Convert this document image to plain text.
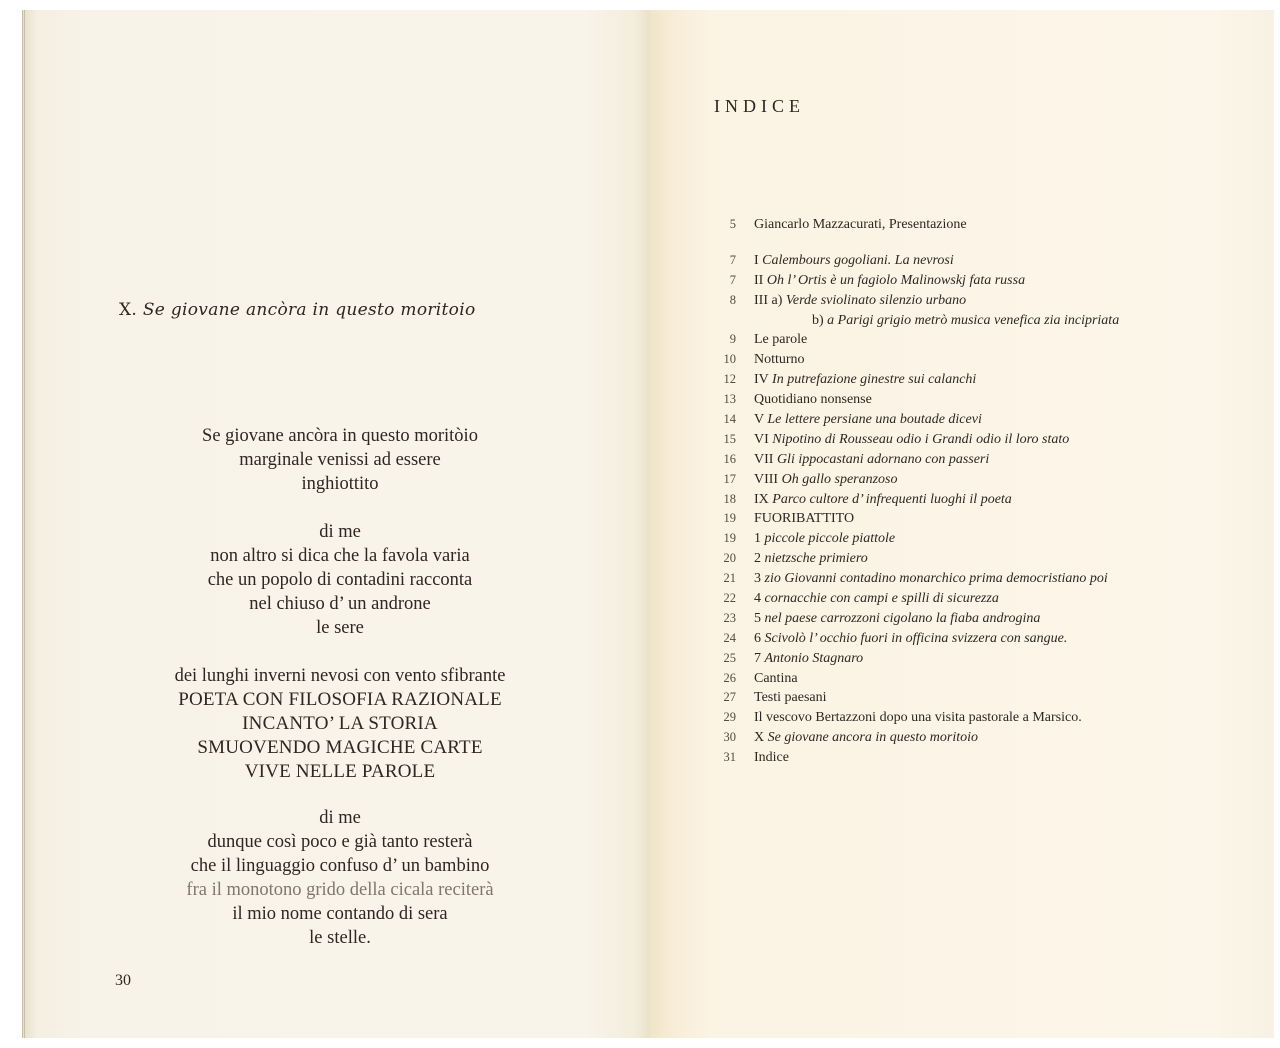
X. Se giovane ancòra in questo moritoio
Se giovane ancòra in questo moritòio
marginale venissi ad essere
inghiottito
di me
non altro si dica che la favola varia
che un popolo di contadini racconta
nel chiuso d’ un androne
le sere
dei lunghi inverni nevosi con vento sfibrante
POETA CON FILOSOFIA RAZIONALE
INCANTO’ LA STORIA
SMUOVENDO MAGICHE CARTE
VIVE NELLE PAROLE
di me
dunque così poco e già tanto resterà
che il linguaggio confuso d’ un bambino
fra il monotono grido della cicala reciterà
il mio nome contando di sera
le stelle.
30
INDICE
5 Giancarlo Mazzacurati, Presentazione
7 I Calembours gogoliani. La nevrosi
7 II Oh l’ Ortis è un fagiolo Malinowskj fata russa
8 III a) Verde sviolinato silenzio urbano
b) a Parigi grigio metrò musica venefica zia incipriata
9 Le parole
10 Notturno
12 IV In putrefazione ginestre sui calanchi
13 Quotidiano nonsense
14 V Le lettere persiane una boutade dicevi
15 VI Nipotino di Rousseau odio i Grandi odio il loro stato
16 VII Gli ippocastani adornano con passeri
17 VIII Oh gallo speranzoso
18 IX Parco cultore d’ infrequenti luoghi il poeta
19 FUORIBATTITO
19 1 piccole piccole piattole
20 2 nietzsche primiero
21 3 zio Giovanni contadino monarchico prima democristiano poi
22 4 cornacchie con campi e spilli di sicurezza
23 5 nel paese carrozzoni cigolano la fiaba androgina
24 6 Scivolò l’ occhio fuori in officina svizzera con sangue.
25 7 Antonio Stagnaro
26 Cantina
27 Testi paesani
29 Il vescovo Bertazzoni dopo una visita pastorale a Marsico.
30 X Se giovane ancora in questo moritoio
31 Indice
